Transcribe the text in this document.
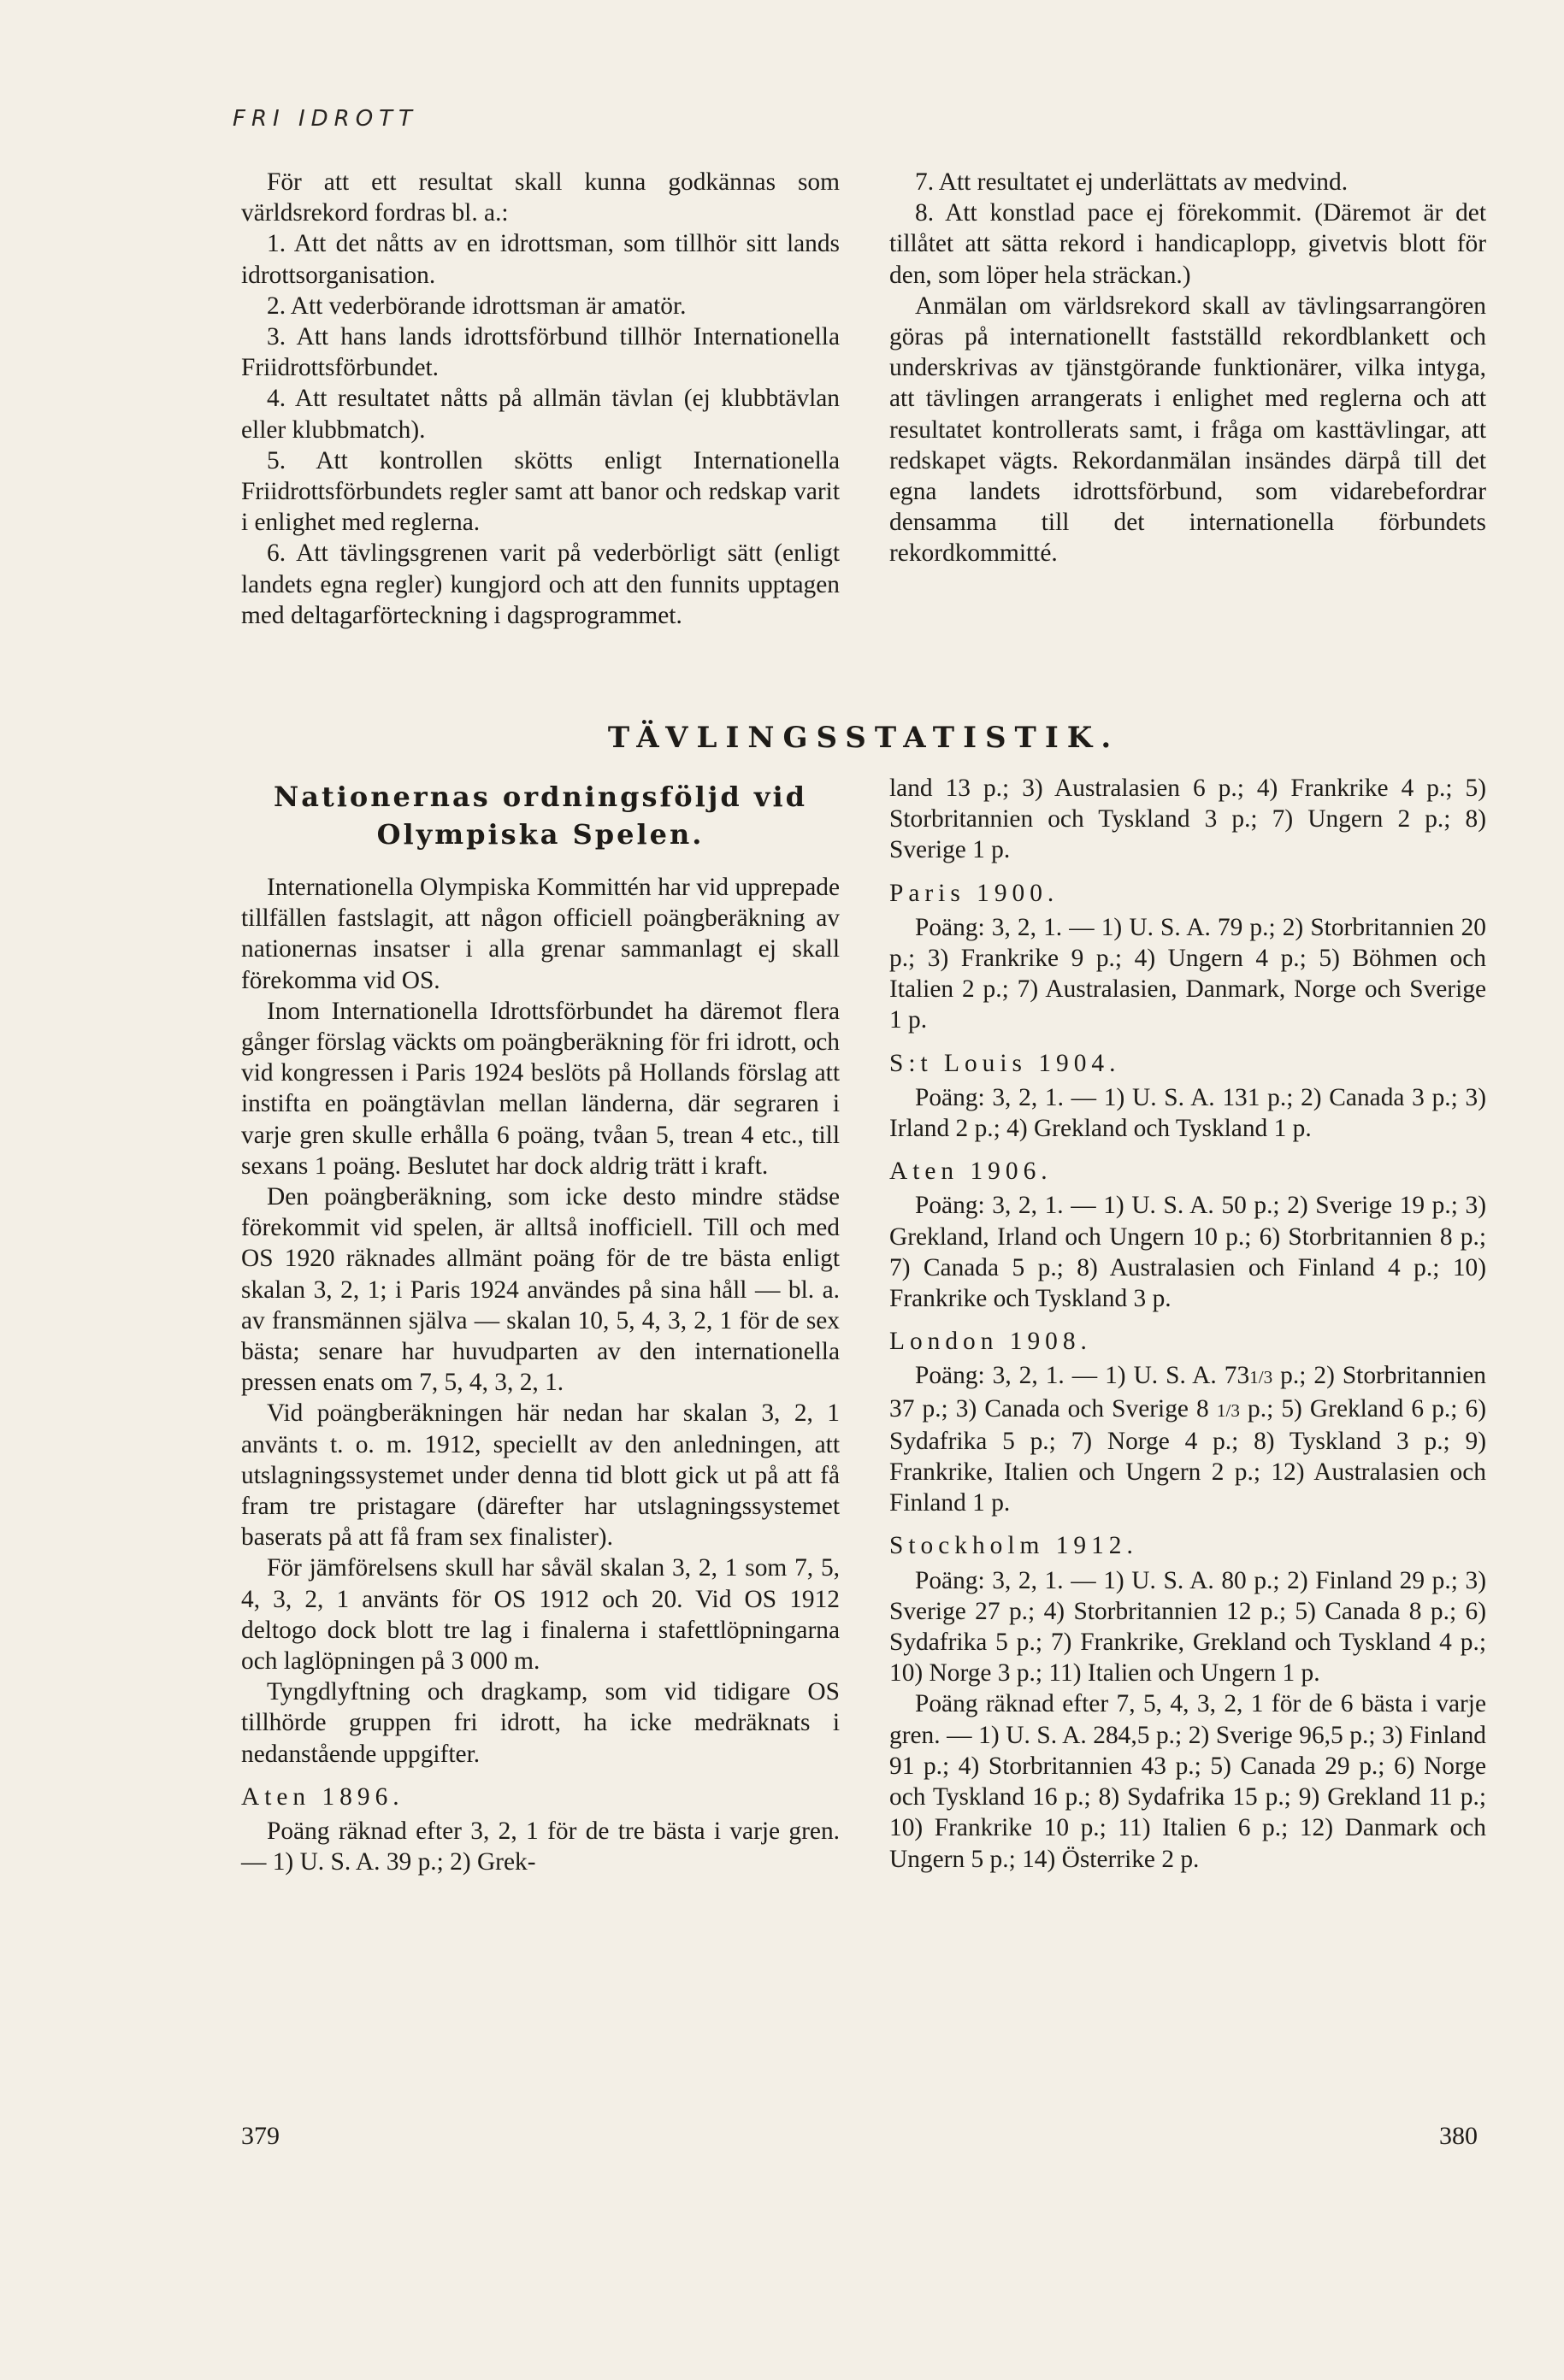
FRI IDROTT

För att ett resultat skall kunna godkännas som världsrekord fordras bl. a.:

1. Att det nåtts av en idrottsman, som tillhör sitt lands idrottsorganisation.

2. Att vederbörande idrottsman är amatör.

3. Att hans lands idrottsförbund tillhör Internationella Friidrottsförbundet.

4. Att resultatet nåtts på allmän tävlan (ej klubbtävlan eller klubbmatch).

5. Att kontrollen skötts enligt Internationella Friidrottsförbundets regler samt att banor och redskap varit i enlighet med reglerna.

6. Att tävlingsgrenen varit på vederbörligt sätt (enligt landets egna regler) kungjord och att den funnits upptagen med deltagarförteckning i dagsprogrammet.

7. Att resultatet ej underlättats av medvind.

8. Att konstlad pace ej förekommit. (Däremot är det tillåtet att sätta rekord i handicaplopp, givetvis blott för den, som löper hela sträckan.)

Anmälan om världsrekord skall av tävlingsarrangören göras på internationellt fastställd rekordblankett och underskrivas av tjänstgörande funktionärer, vilka intyga, att tävlingen arrangerats i enlighet med reglerna och att resultatet kontrollerats samt, i fråga om kasttävlingar, att redskapet vägts. Rekordanmälan insändes därpå till det egna landets idrottsförbund, som vidarebefordrar densamma till det internationella förbundets rekordkommitté.

TÄVLINGSSTATISTIK.
Nationernas ordningsföljd vid
Olympiska Spelen.

Internationella Olympiska Kommittén har vid upprepade tillfällen fastslagit, att någon officiell poängberäkning av nationernas insatser i alla grenar sammanlagt ej skall förekomma vid OS.

Inom Internationella Idrottsförbundet ha däremot flera gånger förslag väckts om poängberäkning för fri idrott, och vid kongressen i Paris 1924 beslöts på Hollands förslag att instifta en poängtävlan mellan länderna, där segraren i varje gren skulle erhålla 6 poäng, tvåan 5, trean 4 etc., till sexans 1 poäng. Beslutet har dock aldrig trätt i kraft.

Den poängberäkning, som icke desto mindre städse förekommit vid spelen, är alltså inofficiell. Till och med OS 1920 räknades allmänt poäng för de tre bästa enligt skalan 3, 2, 1; i Paris 1924 användes på sina håll — bl. a. av fransmännen själva — skalan 10, 5, 4, 3, 2, 1 för de sex bästa; senare har huvudparten av den internationella pressen enats om 7, 5, 4, 3, 2, 1.

Vid poängberäkningen här nedan har skalan 3, 2, 1 använts t. o. m. 1912, speciellt av den anledningen, att utslagningssystemet under denna tid blott gick ut på att få fram tre pristagare (därefter har utslagningssystemet baserats på att få fram sex finalister).

För jämförelsens skull har såväl skalan 3, 2, 1 som 7, 5, 4, 3, 2, 1 använts för OS 1912 och 20. Vid OS 1912 deltogo dock blott tre lag i finalerna i stafettlöpningarna och laglöpningen på 3 000 m.

Tyngdlyftning och dragkamp, som vid tidigare OS tillhörde gruppen fri idrott, ha icke medräknats i nedanstående uppgifter.

Aten 1896.

Poäng räknad efter 3, 2, 1 för de tre bästa i varje gren. — 1) U. S. A. 39 p.; 2) Grek-

land 13 p.; 3) Australasien 6 p.; 4) Frankrike 4 p.; 5) Storbritannien och Tyskland 3 p.; 7) Ungern 2 p.; 8) Sverige 1 p.

Paris 1900.

Poäng: 3, 2, 1. — 1) U. S. A. 79 p.; 2) Storbritannien 20 p.; 3) Frankrike 9 p.; 4) Ungern 4 p.; 5) Böhmen och Italien 2 p.; 7) Australasien, Danmark, Norge och Sverige 1 p.

S:t Louis 1904.

Poäng: 3, 2, 1. — 1) U. S. A. 131 p.; 2) Canada 3 p.; 3) Irland 2 p.; 4) Grekland och Tyskland 1 p.

Aten 1906.

Poäng: 3, 2, 1. — 1) U. S. A. 50 p.; 2) Sverige 19 p.; 3) Grekland, Irland och Ungern 10 p.; 6) Storbritannien 8 p.; 7) Canada 5 p.; 8) Australasien och Finland 4 p.; 10) Frankrike och Tyskland 3 p.

London 1908.

Poäng: 3, 2, 1. — 1) U. S. A. 731/3 p.; 2) Storbritannien 37 p.; 3) Canada och Sverige 8 1/3 p.; 5) Grekland 6 p.; 6) Sydafrika 5 p.; 7) Norge 4 p.; 8) Tyskland 3 p.; 9) Frankrike, Italien och Ungern 2 p.; 12) Australasien och Finland 1 p.

Stockholm 1912.

Poäng: 3, 2, 1. — 1) U. S. A. 80 p.; 2) Finland 29 p.; 3) Sverige 27 p.; 4) Storbritannien 12 p.; 5) Canada 8 p.; 6) Sydafrika 5 p.; 7) Frankrike, Grekland och Tyskland 4 p.; 10) Norge 3 p.; 11) Italien och Ungern 1 p.

Poäng räknad efter 7, 5, 4, 3, 2, 1 för de 6 bästa i varje gren. — 1) U. S. A. 284,5 p.; 2) Sverige 96,5 p.; 3) Finland 91 p.; 4) Storbritannien 43 p.; 5) Canada 29 p.; 6) Norge och Tyskland 16 p.; 8) Sydafrika 15 p.; 9) Grekland 11 p.; 10) Frankrike 10 p.; 11) Italien 6 p.; 12) Danmark och Ungern 5 p.; 14) Österrike 2 p.

379	380
